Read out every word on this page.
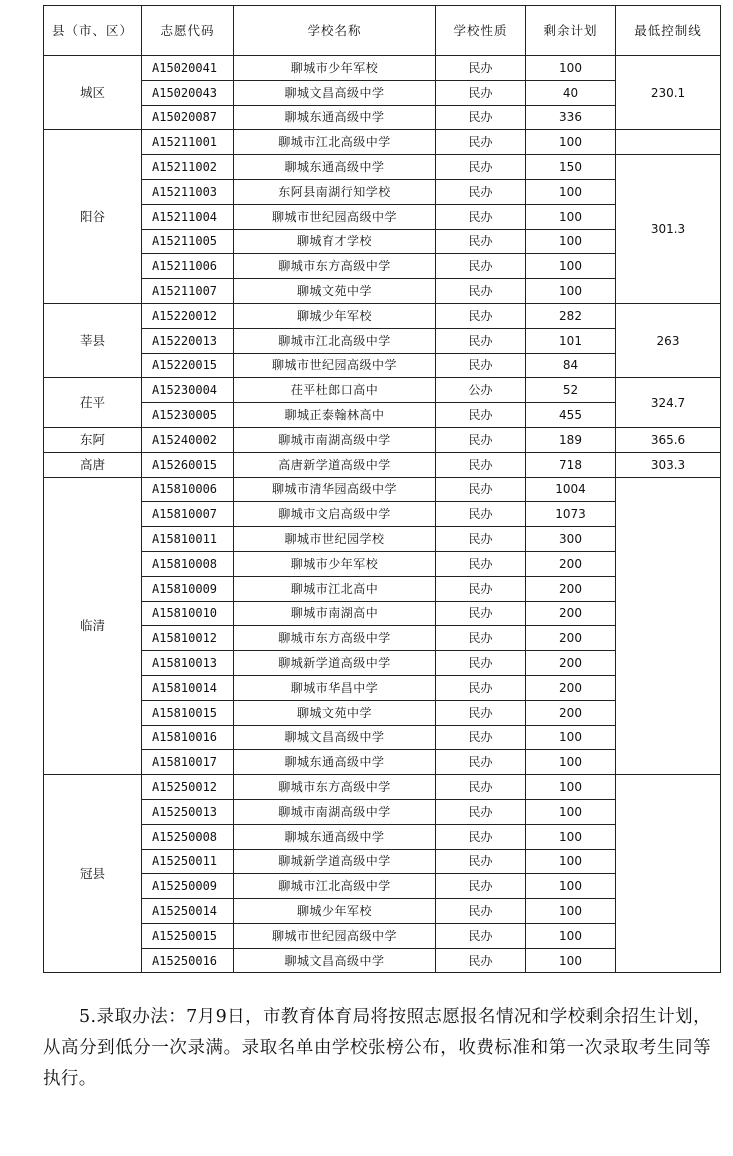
县（市、区）	志愿代码	学校名称	学校性质	剩余计划	最低控制线
城区	A15020041	聊城市少年军校	民办	100	230.1
	A15020043	聊城文昌高级中学	民办	40	
	A15020087	聊城东通高级中学	民办	336	
阳谷	A15211001	聊城市江北高级中学	民办	100	
	A15211002	聊城东通高级中学	民办	150	301.3
	A15211003	东阿县南湖行知学校	民办	100	
	A15211004	聊城市世纪园高级中学	民办	100	
	A15211005	聊城育才学校	民办	100	
	A15211006	聊城市东方高级中学	民办	100	
	A15211007	聊城文苑中学	民办	100	
莘县	A15220012	聊城少年军校	民办	282	263
	A15220013	聊城市江北高级中学	民办	101	
	A15220015	聊城市世纪园高级中学	民办	84	
茌平	A15230004	茌平杜郎口高中	公办	52	324.7
	A15230005	聊城正泰翰林高中	民办	455	
东阿	A15240002	聊城市南湖高级中学	民办	189	365.6
高唐	A15260015	高唐新学道高级中学	民办	718	303.3
临清	A15810006	聊城市清华园高级中学	民办	1004	
	A15810007	聊城市文启高级中学	民办	1073	
	A15810011	聊城市世纪园学校	民办	300	
	A15810008	聊城市少年军校	民办	200	
	A15810009	聊城市江北高中	民办	200	
	A15810010	聊城市南湖高中	民办	200	
	A15810012	聊城市东方高级中学	民办	200	
	A15810013	聊城新学道高级中学	民办	200	
	A15810014	聊城市华昌中学	民办	200	
	A15810015	聊城文苑中学	民办	200	
	A15810016	聊城文昌高级中学	民办	100	
	A15810017	聊城东通高级中学	民办	100	
冠县	A15250012	聊城市东方高级中学	民办	100	
	A15250013	聊城市南湖高级中学	民办	100	
	A15250008	聊城东通高级中学	民办	100	
	A15250011	聊城新学道高级中学	民办	100	
	A15250009	聊城市江北高级中学	民办	100	
	A15250014	聊城少年军校	民办	100	
	A15250015	聊城市世纪园高级中学	民办	100	
	A15250016	聊城文昌高级中学	民办	100	

5.录取办法：7月9日，市教育体育局将按照志愿报名情况和学校剩余招生计划，从高分到低分一次录满。录取名单由学校张榜公布，收费标准和第一次录取考生同等执行。
